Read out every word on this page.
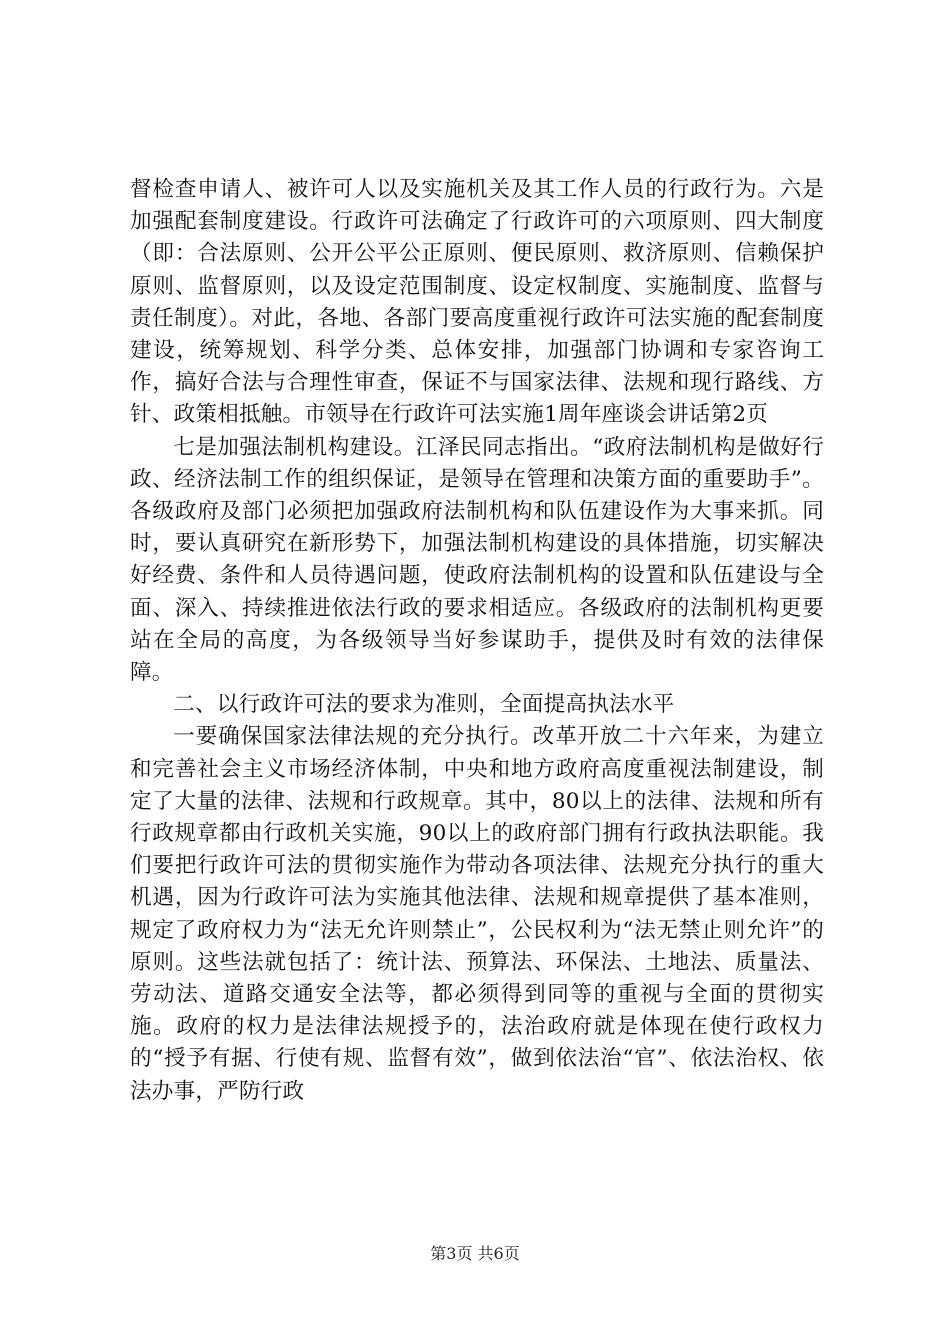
督检查申请人、被许可人以及实施机关及其工作人员的行政行为。六是加强配套制度建设。行政许可法确定了行政许可的六项原则、四大制度（即：合法原则、公开公平公正原则、便民原则、救济原则、信赖保护原则、监督原则，以及设定范围制度、设定权制度、实施制度、监督与责任制度）。对此，各地、各部门要高度重视行政许可法实施的配套制度建设，统筹规划、科学分类、总体安排，加强部门协调和专家咨询工作，搞好合法与合理性审查，保证不与国家法律、法规和现行路线、方针、政策相抵触。市领导在行政许可法实施1周年座谈会讲话第2页

七是加强法制机构建设。江泽民同志指出。“政府法制机构是做好行政、经济法制工作的组织保证，是领导在管理和决策方面的重要助手”。各级政府及部门必须把加强政府法制机构和队伍建设作为大事来抓。同时，要认真研究在新形势下，加强法制机构建设的具体措施，切实解决好经费、条件和人员待遇问题，使政府法制机构的设置和队伍建设与全面、深入、持续推进依法行政的要求相适应。各级政府的法制机构更要站在全局的高度，为各级领导当好参谋助手，提供及时有效的法律保障。

二、以行政许可法的要求为准则，全面提高执法水平

一要确保国家法律法规的充分执行。改革开放二十六年来，为建立和完善社会主义市场经济体制，中央和地方政府高度重视法制建设，制定了大量的法律、法规和行政规章。其中，80以上的法律、法规和所有行政规章都由行政机关实施，90以上的政府部门拥有行政执法职能。我们要把行政许可法的贯彻实施作为带动各项法律、法规充分执行的重大机遇，因为行政许可法为实施其他法律、法规和规章提供了基本准则，规定了政府权力为“法无允许则禁止”，公民权利为“法无禁止则允许”的原则。这些法就包括了：统计法、预算法、环保法、土地法、质量法、劳动法、道路交通安全法等，都必须得到同等的重视与全面的贯彻实施。政府的权力是法律法规授予的，法治政府就是体现在使行政权力的“授予有据、行使有规、监督有效”，做到依法治“官”、依法治权、依法办事，严防行政

第3页 共6页
